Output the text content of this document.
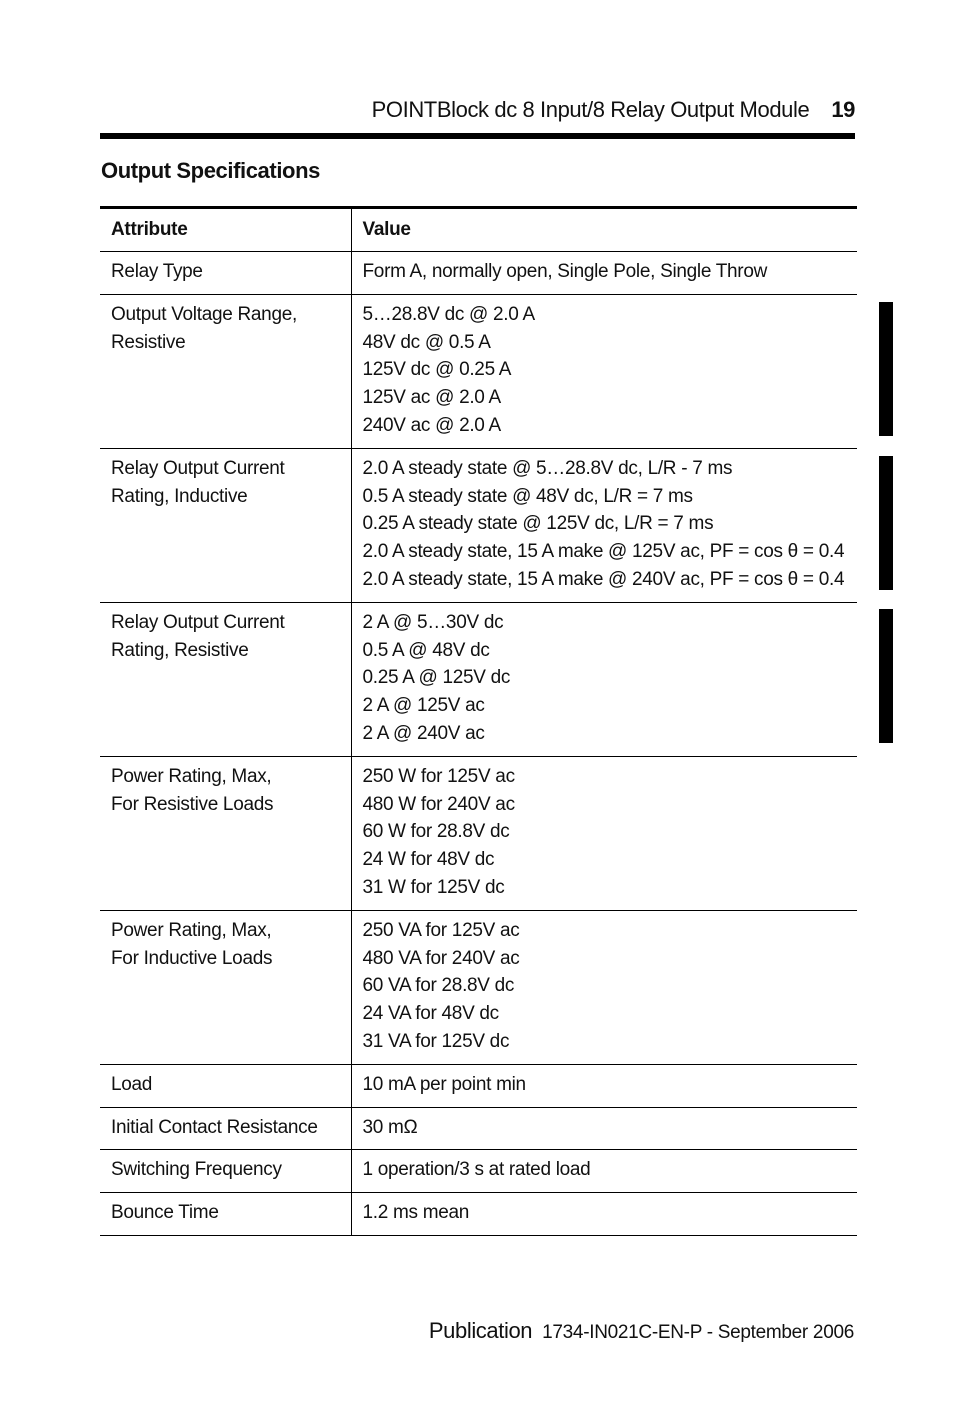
POINTBlock dc 8 Input/8 Relay Output Module 19
Output Specifications
Attribute	Value

Relay Type	Form A, normally open, Single Pole, Single Throw

Output Voltage Range,
Resistive	5…28.8V dc @ 2.0 A
48V dc @ 0.5 A
125V dc @ 0.25 A
125V ac @ 2.0 A
240V ac @ 2.0 A

Relay Output Current
Rating, Inductive	2.0 A steady state @ 5…28.8V dc, L/R - 7 ms
0.5 A steady state @ 48V dc, L/R = 7 ms
0.25 A steady state @ 125V dc, L/R = 7 ms
2.0 A steady state, 15 A make @ 125V ac, PF = cos θ = 0.4
2.0 A steady state, 15 A make @ 240V ac, PF = cos θ = 0.4

Relay Output Current
Rating, Resistive	2 A @ 5…30V dc
0.5 A @ 48V dc
0.25 A @ 125V dc
2 A @ 125V ac
2 A @ 240V ac

Power Rating, Max,
For Resistive Loads	250 W for 125V ac
480 W for 240V ac
60 W for 28.8V dc
24 W for 48V dc
31 W for 125V dc

Power Rating, Max,
For Inductive Loads	250 VA for 125V ac
480 VA for 240V ac
60 VA for 28.8V dc
24 VA for 48V dc
31 VA for 125V dc

Load	10 mA per point min

Initial Contact Resistance	30 mΩ

Switching Frequency	1 operation/3 s at rated load

Bounce Time	1.2 ms mean
Publication 1734-IN021C-EN-P - September 2006
